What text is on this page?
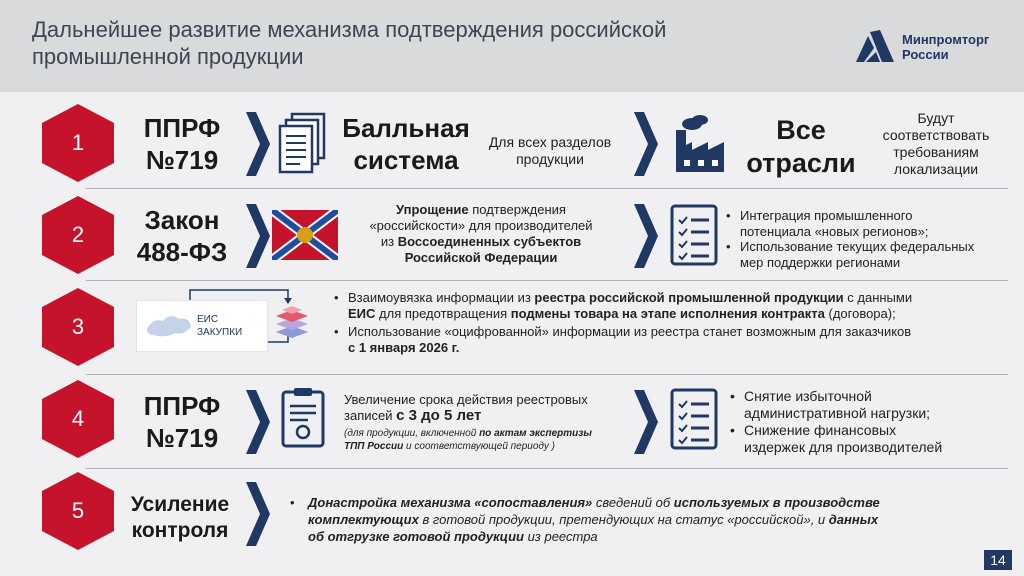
Дальнейшее развитие механизма подтверждения российской
промышленной продукции
Минпромторг
России
1
2
3
4
5
ППРФ
№719
Балльная
система
Для всех разделов
продукции
Все
отрасли
Будут
соответствовать
требованиям
локализации
Закон
488-ФЗ
Упрощение подтверждения
«российскости» для производителей
из Воссоединенных субъектов
Российской Федерации
• Интеграция промышленного
потенциала «новых регионов»;
• Использование текущих федеральных
мер поддержки регионами
ЕИС
ЗАКУПКИ
• Взаимоувязка информации из реестра российской промышленной продукции с данными
ЕИС для предотвращения подмены товара на этапе исполнения контракта (договора);
• Использование «оцифрованной» информации из реестра станет возможным для заказчиков
с 1 января 2026 г.
ППРФ
№719
Увеличение срока действия реестровых
записей с 3 до 5 лет
(для продукции, включенной по актам экспертизы
ТПП России и соответствующей периоду )
• Снятие избыточной
административной нагрузки;
• Снижение финансовых
издержек для производителей
Усиление
контроля
• Донастройка механизма «сопоставления» сведений об используемых в производстве
комплектующих в готовой продукции, претендующих на статус «российской», и данных
об отгрузке готовой продукции из реестра
14
